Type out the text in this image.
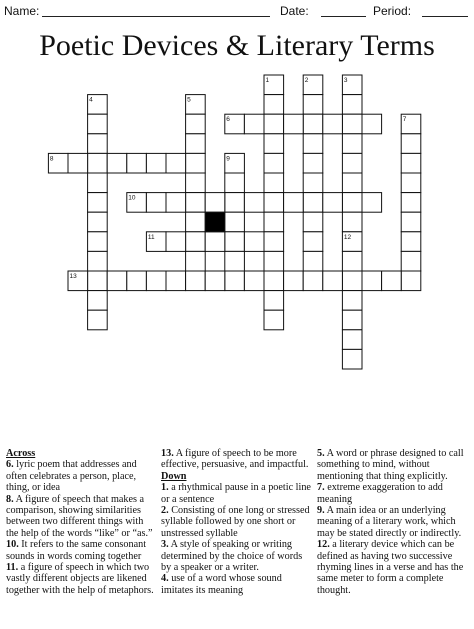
Name:	Date:	Period:
Poetic Devices & Literary Terms
1	2	3
4	5
6	7
8	9
10
11	12
13
Across

6. lyric poem that addresses and often celebrates a person, place, thing, or idea

8. A figure of speech that makes a comparison, showing similarities between two different things with the help of the words “like” or “as.”

10. It refers to the same consonant sounds in words coming together

11. a figure of speech in which two vastly different objects are likened together with the help of metaphors.

13. A figure of speech to be more effective, persuasive, and impactful.

Down

1. a rhythmical pause in a poetic line or a sentence

2. Consisting of one long or stressed syllable followed by one short or unstressed syllable

3. A style of speaking or writing determined by the choice of words by a speaker or a writer.

4. use of a word whose sound imitates its meaning

5. A word or phrase designed to call something to mind, without mentioning that thing explicitly.

7. extreme exaggeration to add meaning

9. A main idea or an underlying meaning of a literary work, which may be stated directly or indirectly.

12. a literary device which can be defined as having two successive rhyming lines in a verse and has the same meter to form a complete thought.
